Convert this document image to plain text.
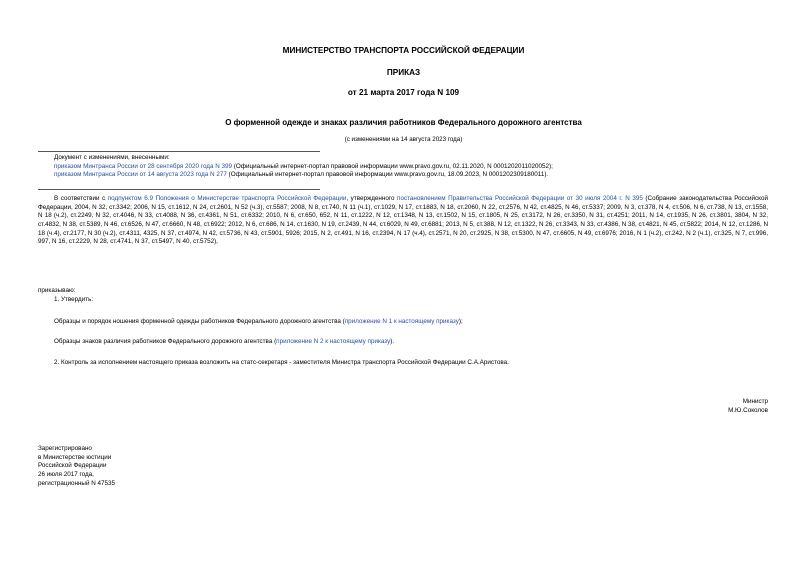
МИНИСТЕРСТВО ТРАНСПОРТА РОССИЙСКОЙ ФЕДЕРАЦИИ
ПРИКАЗ
от 21 марта 2017 года N 109
О форменной одежде и знаках различия работников Федерального дорожного агентства
(с изменениями на 14 августа 2023 года)
Документ с изменениями, внесенными:
приказом Минтранса России от 28 сентября 2020 года N 399 (Официальный интернет-портал правовой информации www.pravo.gov.ru, 02.11.2020, N 0001202011020052);
приказом Минтранса России от 14 августа 2023 года N 277 (Официальный интернет-портал правовой информации www.pravo.gov.ru, 18.09.2023, N 0001202309180011).

В соответствии с подпунктом 6.9 Положения о Министерстве транспорта Российской Федерации, утвержденного постановлением Правительства Российской Федерации от 30 июля 2004 г. N 395 (Собрание законодательства Российской Федерации, 2004, N 32, ст.3342; 2006, N 15, ст.1612, N 24, ст.2601, N 52 (ч.3), ст.5587; 2008, N 8, ст.740, N 11 (ч.1), ст.1029, N 17, ст.1883, N 18, ст.2060, N 22, ст.2576, N 42, ст.4825, N 46, ст.5337; 2009, N 3, ст.378, N 4, ст.506, N 6, ст.738, N 13, ст.1558, N 18 (ч.2), ст.2249, N 32, ст.4046, N 33, ст.4088, N 36, ст.4361, N 51, ст.6332; 2010, N 6, ст.650, 652, N 11, ст.1222, N 12, ст.1348, N 13, ст.1502, N 15, ст.1805, N 25, ст.3172, N 26, ст.3350, N 31, ст.4251; 2011, N 14, ст.1935, N 26, ст.3801, 3804, N 32, ст.4832, N 38, ст.5389, N 46, ст.6526, N 47, ст.6660, N 48, ст.6922; 2012, N 6, ст.686, N 14, ст.1630, N 19, ст.2439, N 44, ст.6029, N 49, ст.6881; 2013, N 5, ст.388, N 12, ст.1322, N 26, ст.3343, N 33, ст.4386, N 38, ст.4821, N 45, ст.5822; 2014, N 12, ст.1286, N 18 (ч.4), ст.2177, N 30 (ч.2), ст.4311, 4325, N 37, ст.4974, N 42, ст.5736, N 43, ст.5901, 5926; 2015, N 2, ст.491, N 16, ст.2394, N 17 (ч.4), ст.2571, N 20, ст.2925, N 38, ст.5300, N 47, ст.6605, N 49, ст.6976; 2016, N 1 (ч.2), ст.242, N 2 (ч.1), ст.325, N 7, ст.996, 997, N 16, ст.2229, N 28, ст.4741, N 37, ст.5497, N 40, ст.5752),

приказываю:
1. Утвердить:
Образцы и порядок ношения форменной одежды работников Федерального дорожного агентства (приложение N 1 к настоящему приказу);
Образцы знаков различия работников Федерального дорожного агентства (приложение N 2 к настоящему приказу).
2. Контроль за исполнением настоящего приказа возложить на статс-секретаря - заместителя Министра транспорта Российской Федерации С.А.Аристова.
Министр
М.Ю.Соколов
Зарегистрировано
в Министерстве юстиции
Российской Федерации
26 июля 2017 года,
регистрационный N 47535
